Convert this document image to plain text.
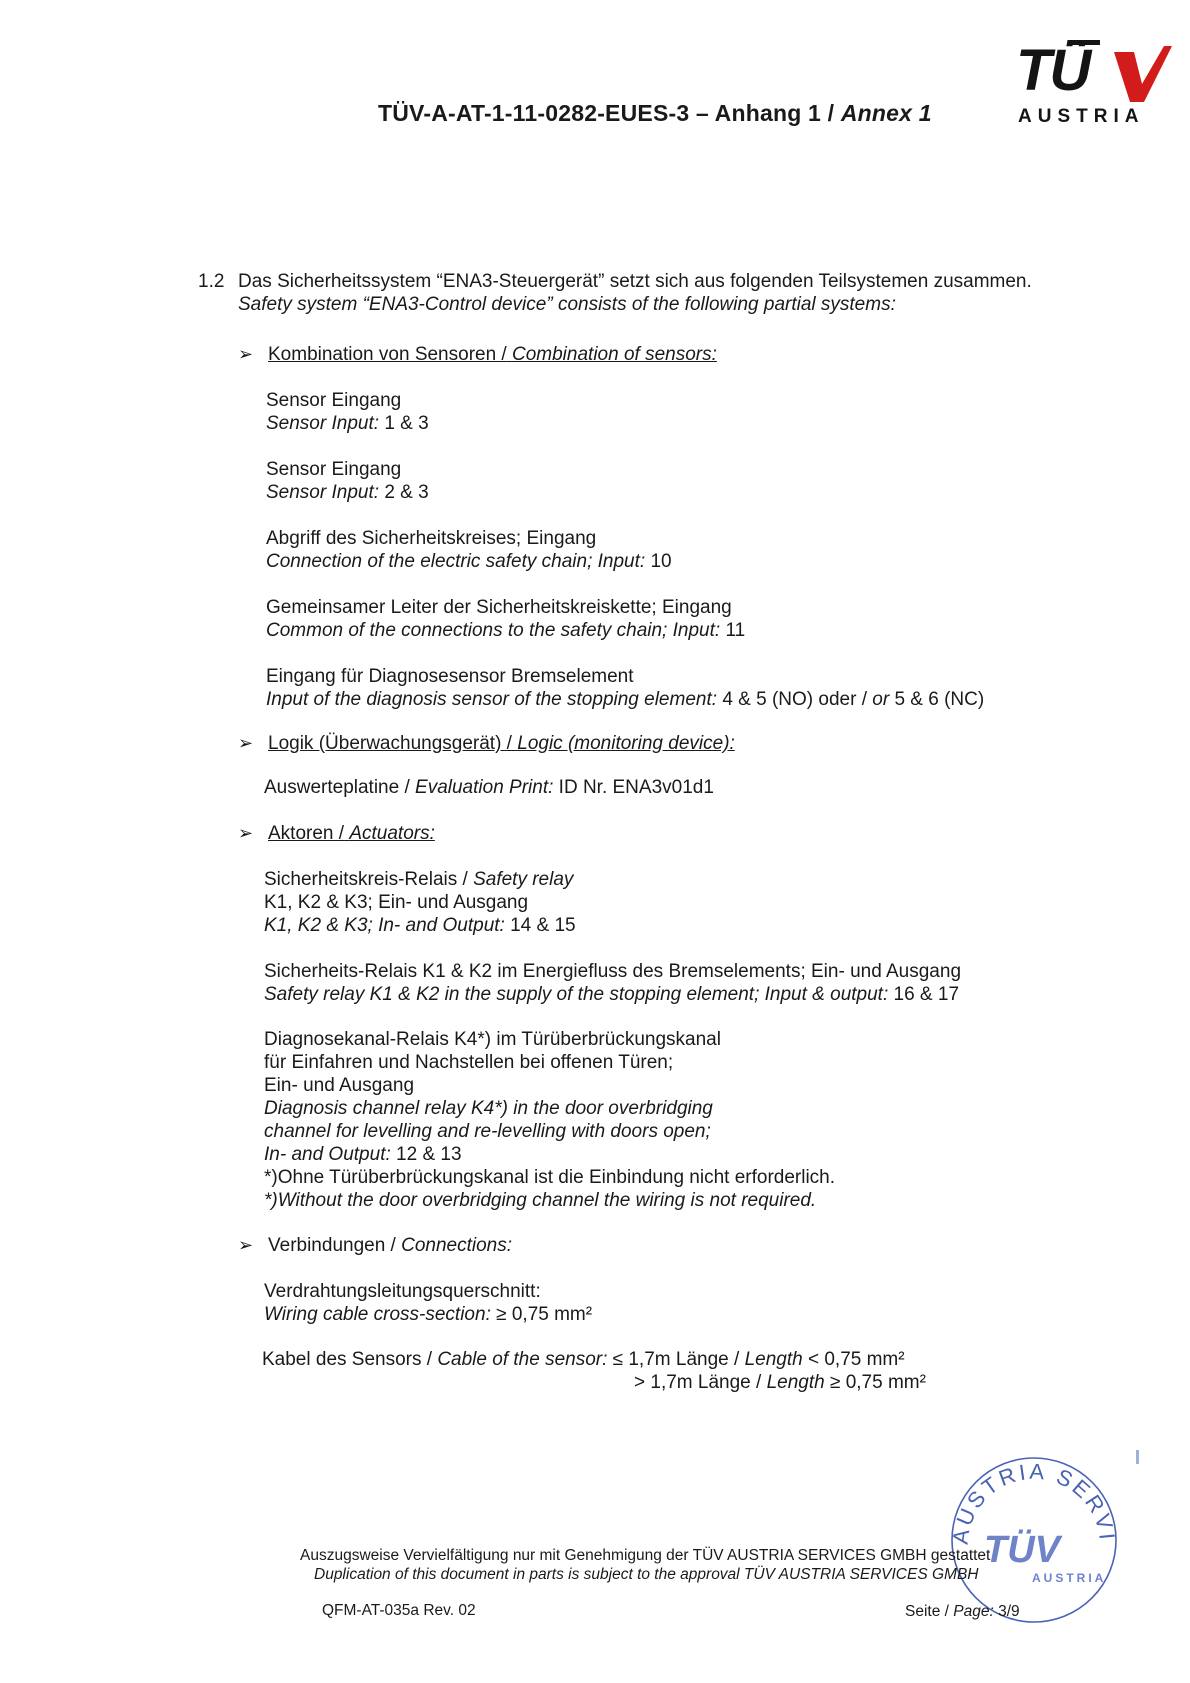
TÜV-A-AT-1-11-0282-EUES-3 – Anhang 1 / Annex 1
TÜ
AUSTRIA
1.2 Das Sicherheitssystem “ENA3-Steuergerät” setzt sich aus folgenden Teilsystemen zusammen.
Safety system “ENA3-Control device” consists of the following partial systems:
➢ Kombination von Sensoren / Combination of sensors:
Sensor Eingang
Sensor Input: 1 & 3
Sensor Eingang
Sensor Input: 2 & 3
Abgriff des Sicherheitskreises; Eingang
Connection of the electric safety chain; Input: 10
Gemeinsamer Leiter der Sicherheitskreiskette; Eingang
Common of the connections to the safety chain; Input: 11
Eingang für Diagnosesensor Bremselement
Input of the diagnosis sensor of the stopping element: 4 & 5 (NO) oder / or 5 & 6 (NC)
➢ Logik (Überwachungsgerät) / Logic (monitoring device):
Auswerteplatine / Evaluation Print: ID Nr. ENA3v01d1
➢ Aktoren / Actuators:
Sicherheitskreis-Relais / Safety relay
K1, K2 & K3; Ein- und Ausgang
K1, K2 & K3; In- and Output: 14 & 15
Sicherheits-Relais K1 & K2 im Energiefluss des Bremselements; Ein- und Ausgang
Safety relay K1 & K2 in the supply of the stopping element; Input & output: 16 & 17
Diagnosekanal-Relais K4*) im Türüberbrückungskanal
für Einfahren und Nachstellen bei offenen Türen;
Ein- und Ausgang
Diagnosis channel relay K4*) in the door overbridging
channel for levelling and re-levelling with doors open;
In- and Output: 12 & 13
*)Ohne Türüberbrückungskanal ist die Einbindung nicht erforderlich.
*)Without the door overbridging channel the wiring is not required.
➢ Verbindungen / Connections:
Verdrahtungsleitungsquerschnitt:
Wiring cable cross-section: ≥ 0,75 mm²
Kabel des Sensors / Cable of the sensor: ≤ 1,7m Länge / Length < 0,75 mm²
> 1,7m Länge / Length ≥ 0,75 mm²
AUSTRIA SERVI
TÜV
AUSTRIA
Auszugsweise Vervielfältigung nur mit Genehmigung der TÜV AUSTRIA SERVICES GMBH gestattet
Duplication of this document in parts is subject to the approval TÜV AUSTRIA SERVICES GMBH
QFM-AT-035a Rev. 02	Seite / Page: 3/9
